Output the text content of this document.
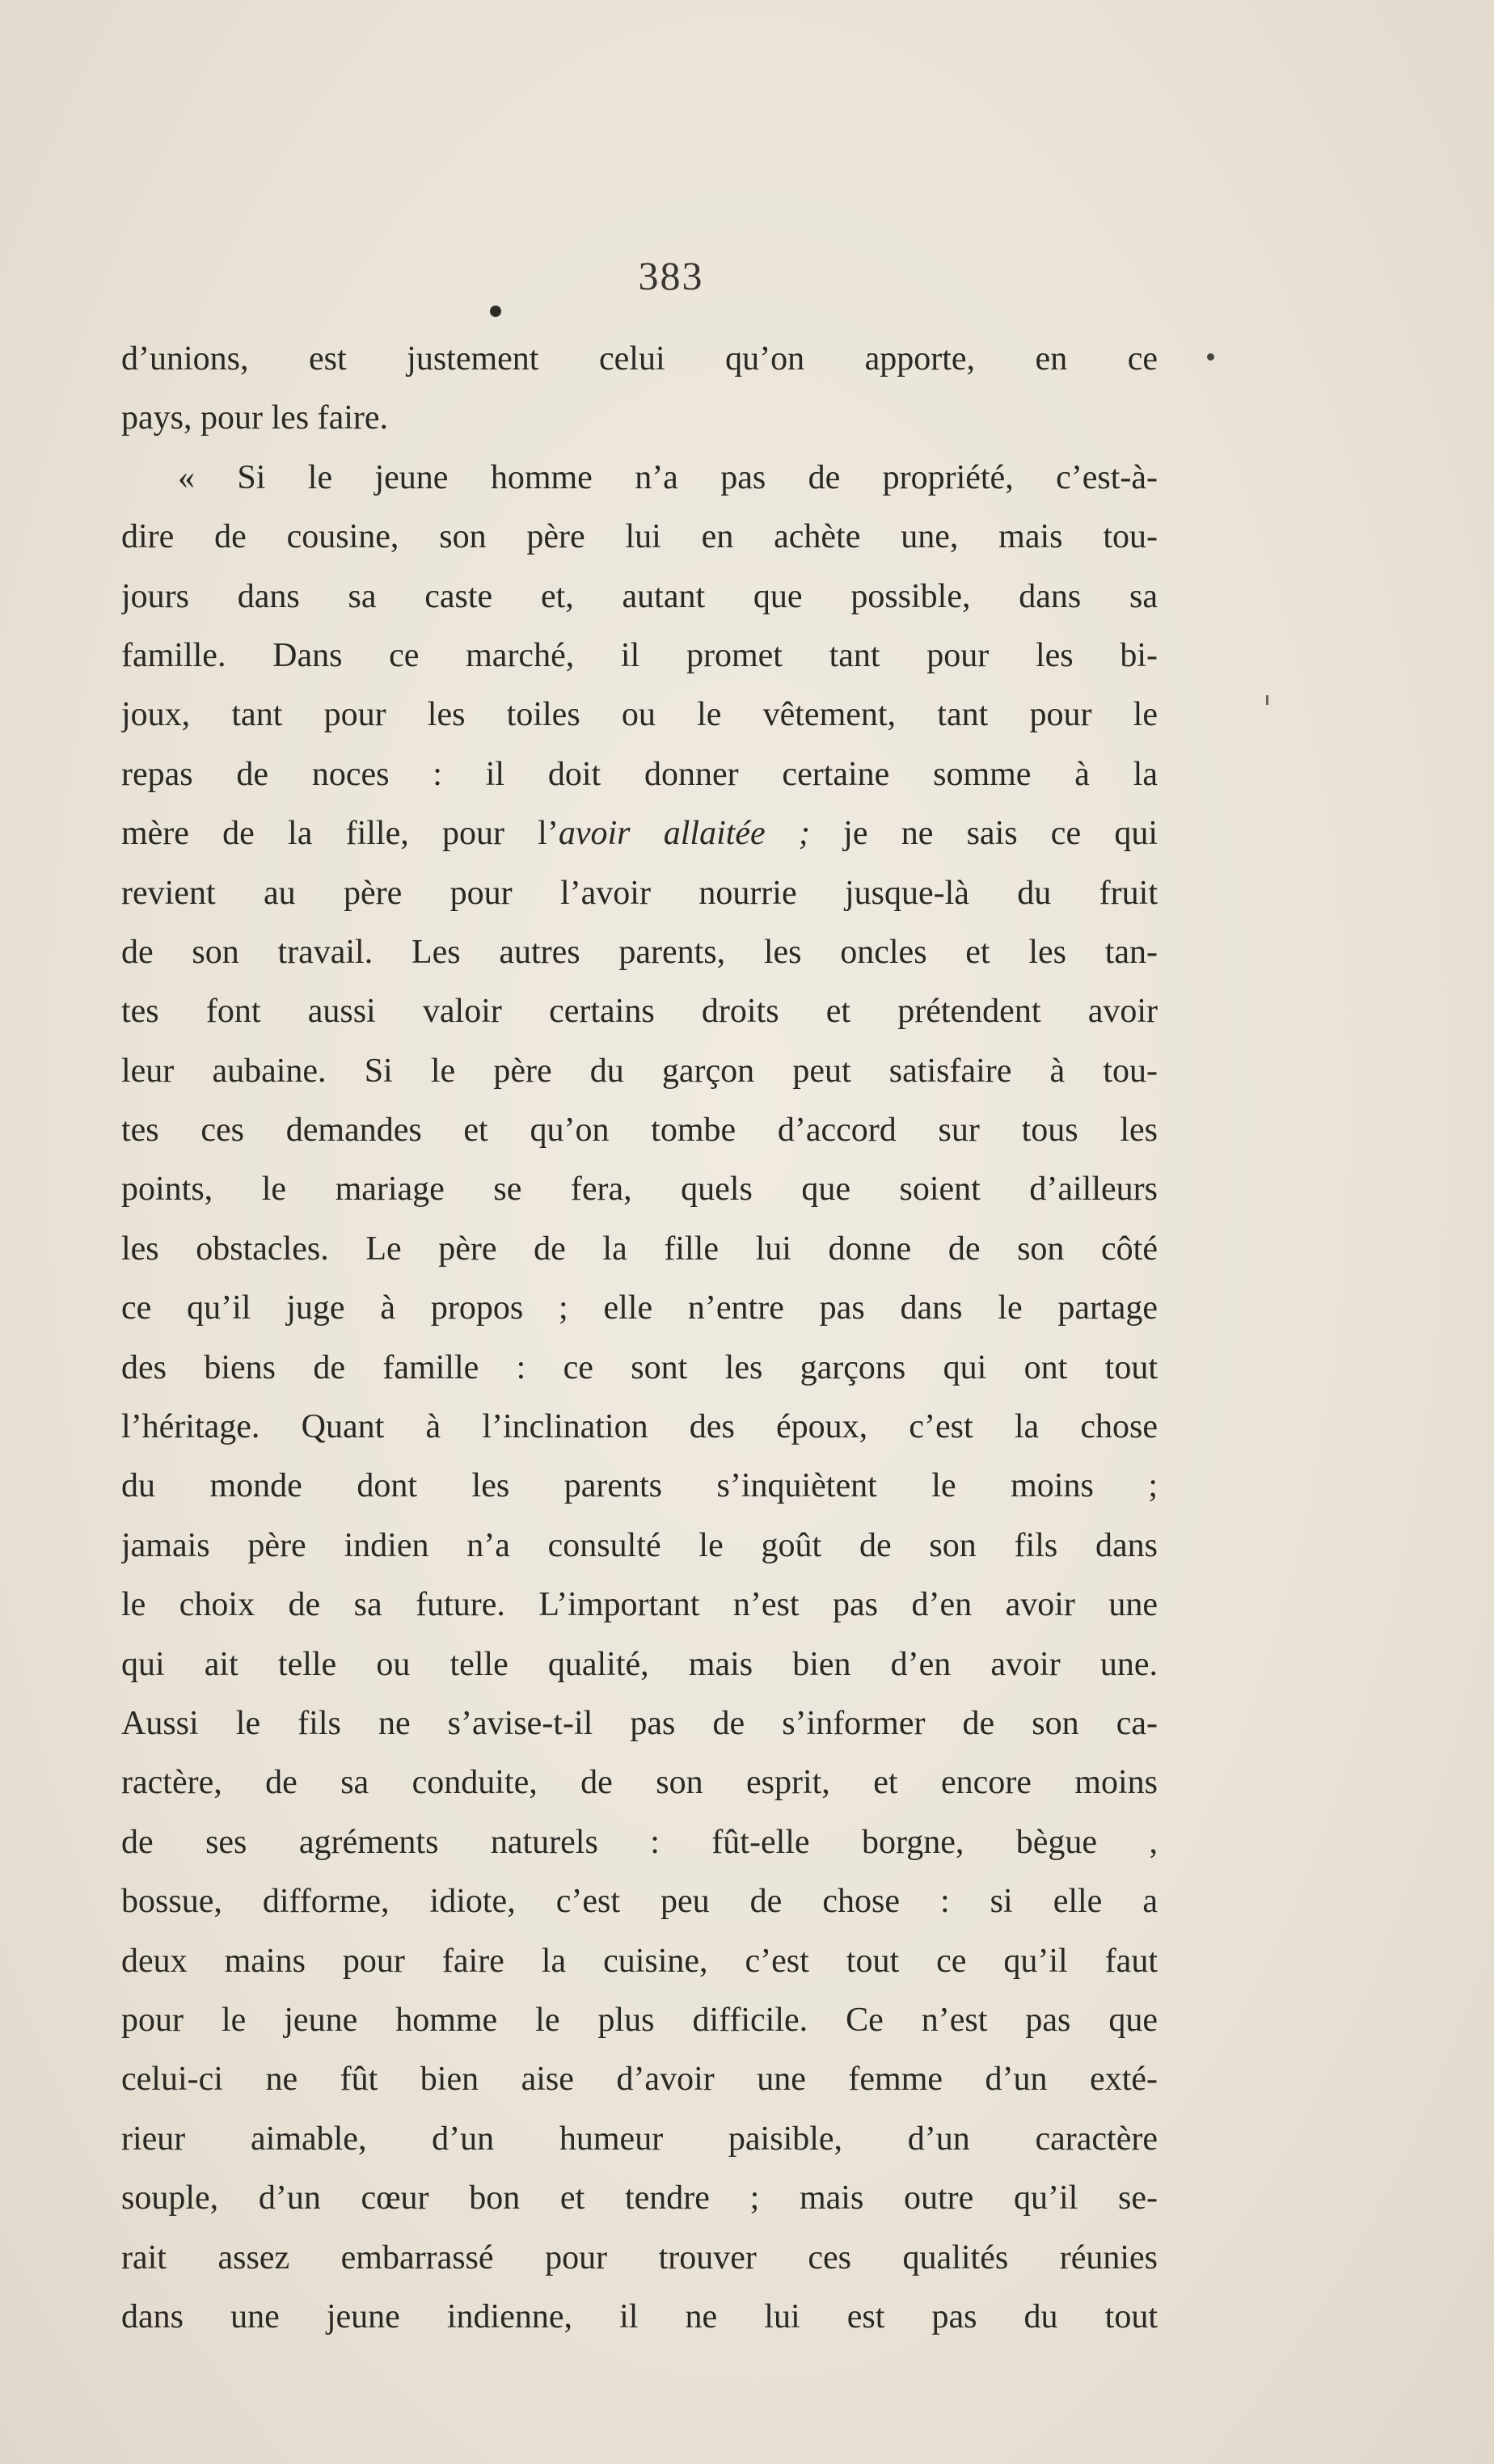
383
d’unions, est justement celui qu’on apporte, en ce
pays, pour les faire.
« Si le jeune homme n’a pas de propriété, c’est-à-
dire de cousine, son père lui en achète une, mais tou-
jours dans sa caste et, autant que possible, dans sa
famille. Dans ce marché, il promet tant pour les bi-
joux, tant pour les toiles ou le vêtement, tant pour le
repas de noces : il doit donner certaine somme à la
mère de la fille, pour l’avoir allaitée ; je ne sais ce qui
revient au père pour l’avoir nourrie jusque-là du fruit
de son travail. Les autres parents, les oncles et les tan-
tes font aussi valoir certains droits et prétendent avoir
leur aubaine. Si le père du garçon peut satisfaire à tou-
tes ces demandes et qu’on tombe d’accord sur tous les
points, le mariage se fera, quels que soient d’ailleurs
les obstacles. Le père de la fille lui donne de son côté
ce qu’il juge à propos ; elle n’entre pas dans le partage
des biens de famille : ce sont les garçons qui ont tout
l’héritage. Quant à l’inclination des époux, c’est la chose
du monde dont les parents s’inquiètent le moins ;
jamais père indien n’a consulté le goût de son fils dans
le choix de sa future. L’important n’est pas d’en avoir une
qui ait telle ou telle qualité, mais bien d’en avoir une.
Aussi le fils ne s’avise-t-il pas de s’informer de son ca-
ractère, de sa conduite, de son esprit, et encore moins
de ses agréments naturels : fût-elle borgne, bègue ,
bossue, difforme, idiote, c’est peu de chose : si elle a
deux mains pour faire la cuisine, c’est tout ce qu’il faut
pour le jeune homme le plus difficile. Ce n’est pas que
celui-ci ne fût bien aise d’avoir une femme d’un exté-
rieur aimable, d’un humeur paisible, d’un caractère
souple, d’un cœur bon et tendre ; mais outre qu’il se-
rait assez embarrassé pour trouver ces qualités réunies
dans une jeune indienne, il ne lui est pas du tout
